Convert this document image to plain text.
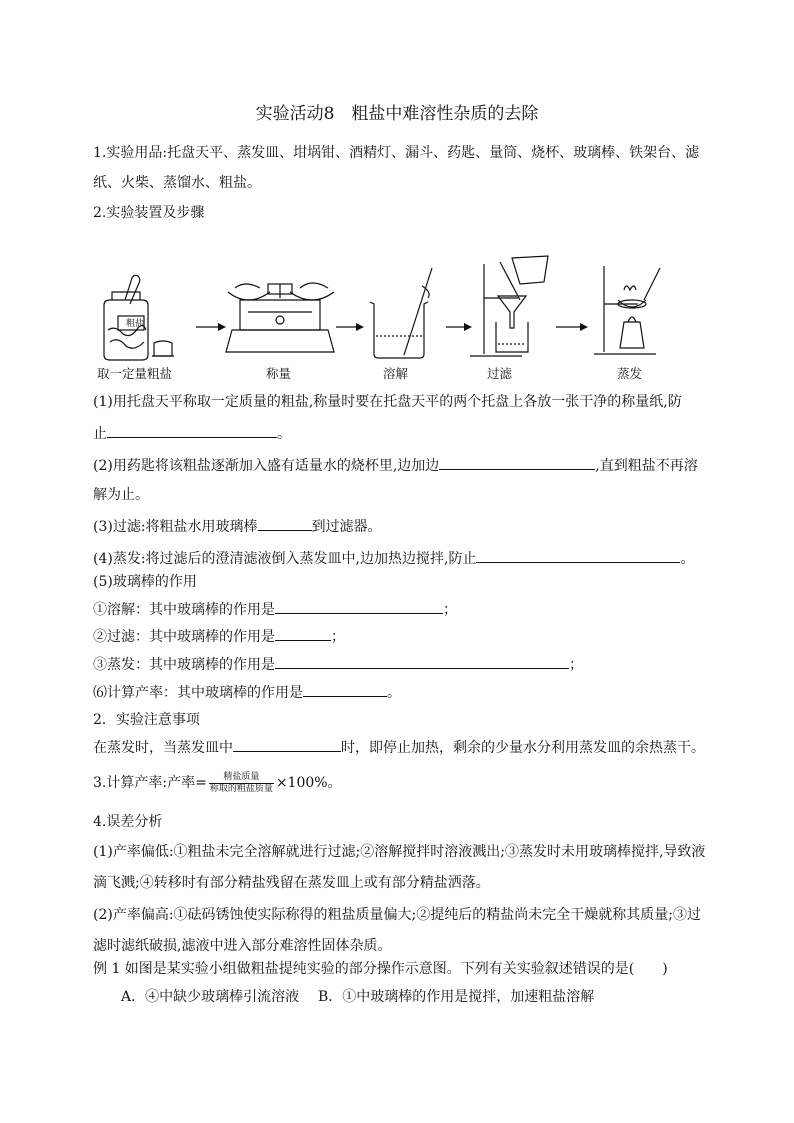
实验活动8　粗盐中难溶性杂质的去除
1.实验用品:托盘天平、蒸发皿、坩埚钳、酒精灯、漏斗、药匙、量筒、烧杯、玻璃棒、铁架台、滤
纸、火柴、蒸馏水、粗盐。
2.实验装置及步骤
粗盐
取一定量粗盐	称量	溶解	过滤	蒸发
(1)用托盘天平称取一定质量的粗盐,称量时要在托盘天平的两个托盘上各放一张干净的称量纸,防
止	。
(2)用药匙将该粗盐逐渐加入盛有适量水的烧杯里,边加边	,直到粗盐不再溶
解为止。
(3)过滤:将粗盐水用玻璃棒	到过滤器。
(4)蒸发:将过滤后的澄清滤液倒入蒸发皿中,边加热边搅拌,防止	。
(5)玻璃棒的作用
①溶解：其中玻璃棒的作用是	；
②过滤：其中玻璃棒的作用是	；
③蒸发：其中玻璃棒的作用是	；
⑹计算产率：其中玻璃棒的作用是	。
2．实验注意事项
在蒸发时，当蒸发皿中	时，即停止加热，剩余的少量水分利用蒸发皿的余热蒸干。
3.计算产率:产率= $\frac{\text{精盐质量}}{\text{称取的粗盐质量}} \times 100\%$。
4.误差分析
(1)产率偏低:①粗盐未完全溶解就进行过滤;②溶解搅拌时溶液溅出;③蒸发时未用玻璃棒搅拌,导致液
滴飞溅;④转移时有部分精盐残留在蒸发皿上或有部分精盐洒落。
(2)产率偏高:①砝码锈蚀使实际称得的粗盐质量偏大;②提纯后的精盐尚未完全干燥就称其质量;③过
滤时滤纸破损,滤液中进入部分难溶性固体杂质。
例 1 如图是某实验小组做粗盐提纯实验的部分操作示意图。下列有关实验叙述错误的是(　　)
A．④中缺少玻璃棒引流溶液 B．①中玻璃棒的作用是搅拌，加速粗盐溶解
